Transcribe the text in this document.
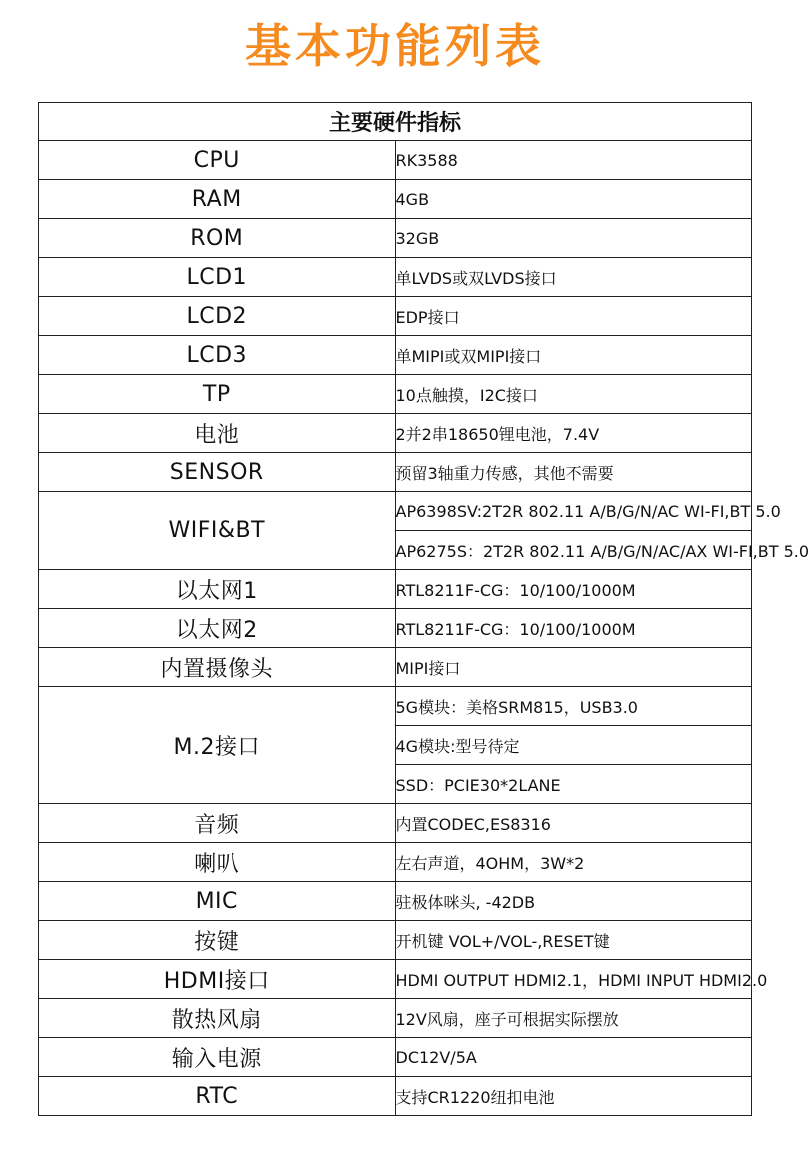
基本功能列表
主要硬件指标	
CPU	RK3588
RAM	4GB
ROM	32GB
LCD1	单LVDS或双LVDS接口
LCD2	EDP接口
LCD3	单MIPI或双MIPI接口
TP	10点触摸，I2C接口
电池	2并2串18650锂电池，7.4V
SENSOR	预留3轴重力传感，其他不需要
WIFI&BT	AP6398SV:2T2R 802.11 A/B/G/N/AC WI-FI,BT 5.0
	AP6275S：2T2R 802.11 A/B/G/N/AC/AX WI-FI,BT 5.0
以太网1	RTL8211F-CG：10/100/1000M
以太网2	RTL8211F-CG：10/100/1000M
内置摄像头	MIPI接口
M.2接口	5G模块：美格SRM815，USB3.0
	4G模块:型号待定
	SSD：PCIE30*2LANE
音频	内置CODEC,ES8316
喇叭	左右声道，4OHM，3W*2
MIC	驻极体咪头, -42DB
按键	开机键 VOL+/VOL-,RESET键
HDMI接口	HDMI OUTPUT HDMI2.1，HDMI INPUT HDMI2.0
散热风扇	12V风扇，座子可根据实际摆放
输入电源	DC12V/5A
RTC	支持CR1220纽扣电池
